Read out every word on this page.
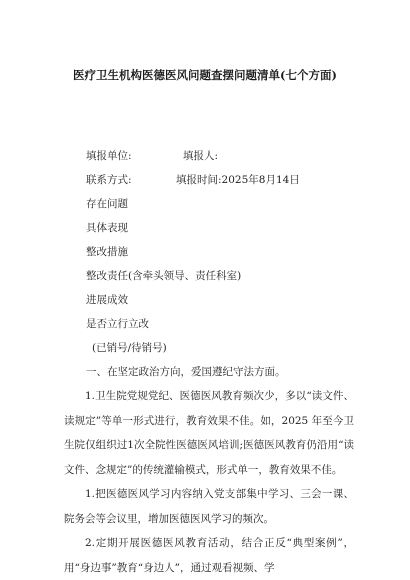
医疗卫生机构医德医风问题查摆问题清单(七个方面)
填报单位:	填报人:
联系方式:	填报时间:2025年8月14日
存在问题
具体表现
整改措施
整改责任(含牵头领导、责任科室)
进展成效
是否立行立改
(已销号/待销号)
一、在坚定政治方向，爱国遵纪守法方面。
1.卫生院党规党纪、医德医风教育频次少，多以“读文件、读规定”等单一形式进行，教育效果不佳。如，2025 年至今卫生院仅组织过1次全院性医德医风培训;医德医风教育仍沿用“读文件、念规定”的传统灌输模式，形式单一，教育效果不佳。
1.把医德医风学习内容纳入党支部集中学习、三会一课、院务会等会议里，增加医德医风学习的频次。
2.定期开展医德医风教育活动，结合正反“典型案例”，用“身边事”教育“身边人”，通过观看视频、学
